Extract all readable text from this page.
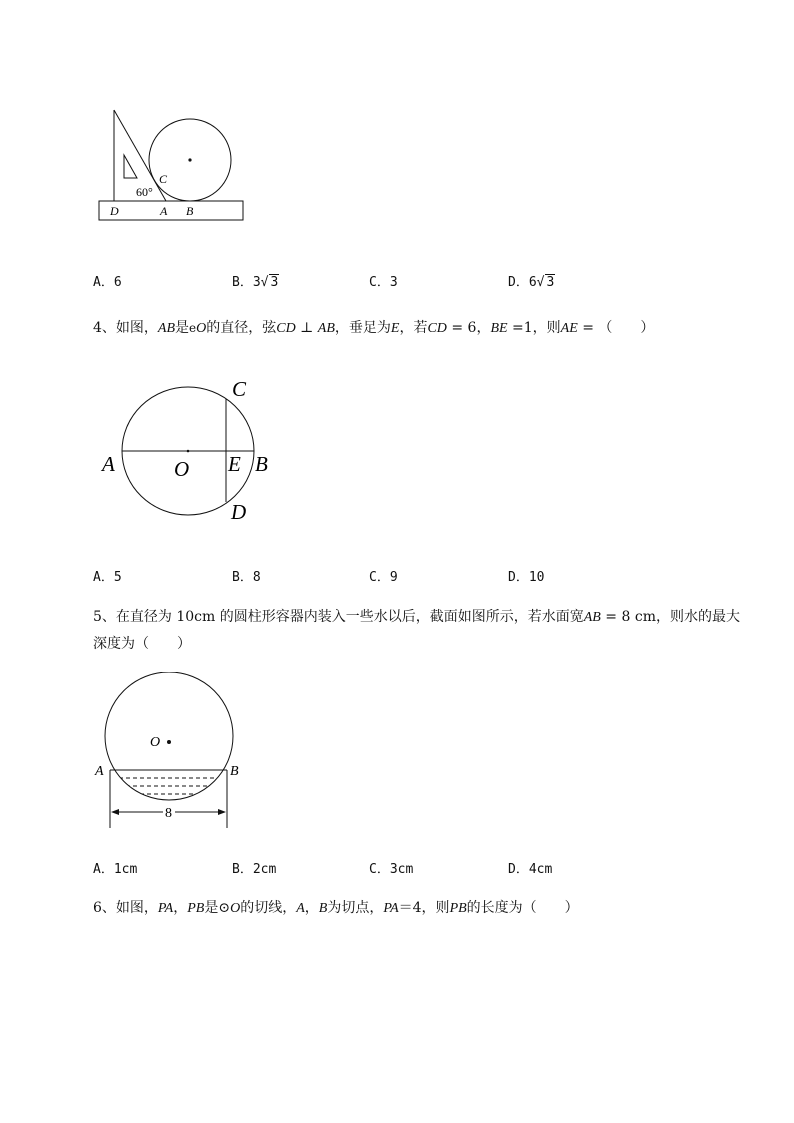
60°
C
D	A B
A．6	B．3√ 3	C．3	D．6√ 3
4、如图，AB是eO的直径，弦CD ⊥ AB，垂足为E，若CD = 6，BE =1，则AE = （　　）
C
A	O E B
D
A．5	B．8	C．9	D．10
5、在直径为 10cm 的圆柱形容器内装入一些水以后，截面如图所示，若水面宽AB = 8 cm，则水的最大
深度为（　　）
O
A	B
8
A．1cm	B．2cm	C．3cm	D．4cm
6、如图，PA，PB是⊙O的切线，A，B为切点，PA＝4，则PB的长度为（　　）
